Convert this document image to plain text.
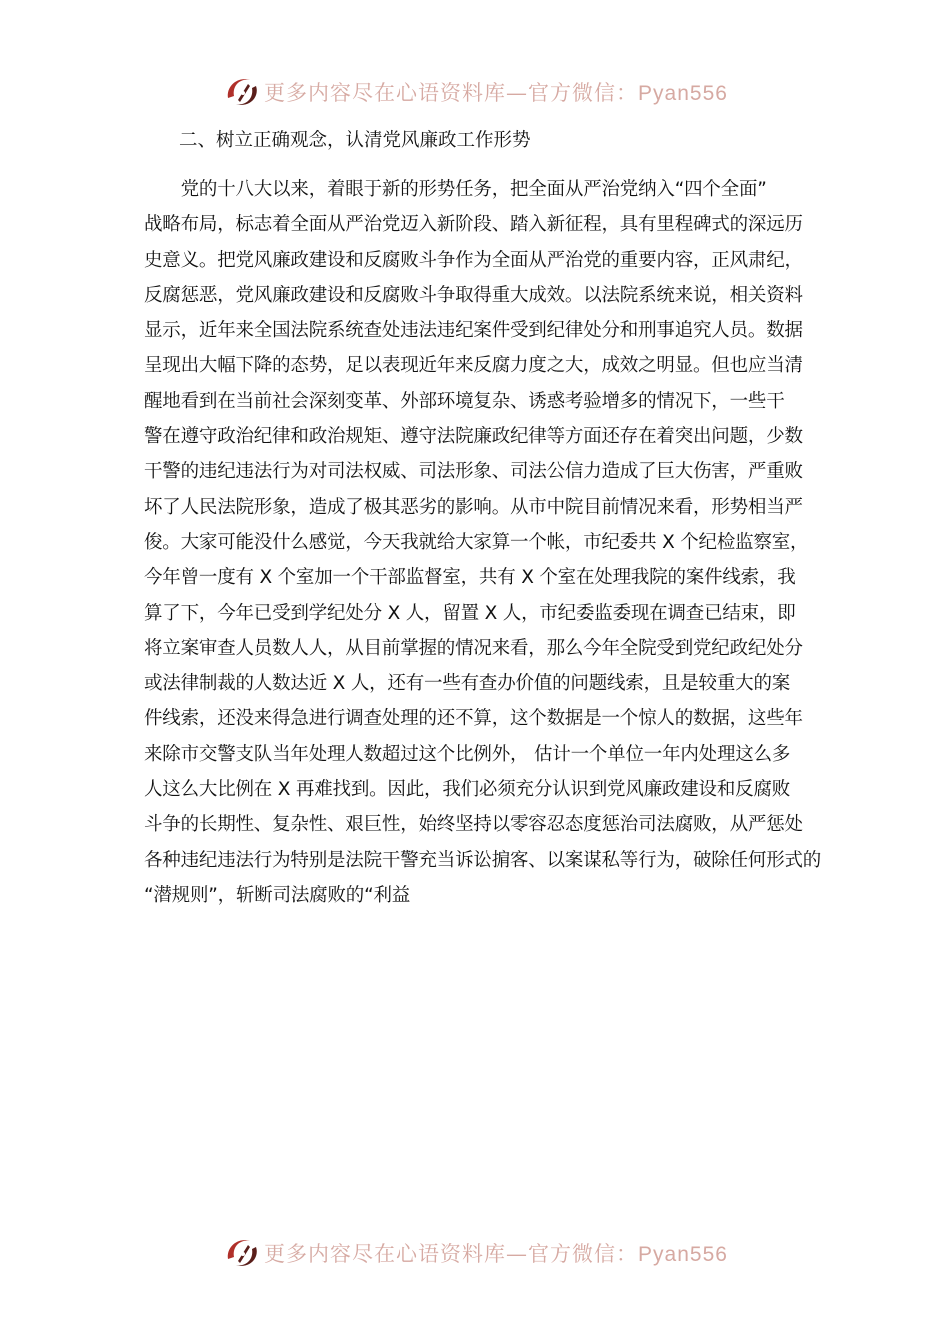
更多内容尽在心语资料库—官方微信：Pyan556
二、树立正确观念，认清党风廉政工作形势
　　党的十八大以来，着眼于新的形势任务，把全面从严治党纳入“四个全面”
战略布局，标志着全面从严治党迈入新阶段、踏入新征程，具有里程碑式的深远历
史意义。把党风廉政建设和反腐败斗争作为全面从严治党的重要内容，正风肃纪，
反腐惩恶，党风廉政建设和反腐败斗争取得重大成效。以法院系统来说，相关资料
显示，近年来全国法院系统查处违法违纪案件受到纪律处分和刑事追究人员。数据
呈现出大幅下降的态势，足以表现近年来反腐力度之大，成效之明显。但也应当清
醒地看到在当前社会深刻变革、外部环境复杂、诱惑考验增多的情况下，一些干
警在遵守政治纪律和政治规矩、遵守法院廉政纪律等方面还存在着突出问题，少数
干警的违纪违法行为对司法权威、司法形象、司法公信力造成了巨大伤害，严重败
坏了人民法院形象，造成了极其恶劣的影响。从市中院目前情况来看，形势相当严
俊。大家可能没什么感觉，今天我就给大家算一个帐，市纪委共 X 个纪检监察室，
今年曾一度有 X 个室加一个干部监督室，共有 X 个室在处理我院的案件线索，我
算了下，今年已受到学纪处分 X 人，留置 X 人，市纪委监委现在调查已结束，即
将立案审查人员数人人，从目前掌握的情况来看，那么今年全院受到党纪政纪处分
或法律制裁的人数达近 X 人，还有一些有查办价值的问题线索，且是较重大的案
件线索，还没来得急进行调查处理的还不算，这个数据是一个惊人的数据，这些年
来除市交警支队当年处理人数超过这个比例外， 估计一个单位一年内处理这么多
人这么大比例在 X 再难找到。因此，我们必须充分认识到党风廉政建设和反腐败
斗争的长期性、复杂性、艰巨性，始终坚持以零容忍态度惩治司法腐败，从严惩处
各种违纪违法行为特别是法院干警充当诉讼掮客、以案谋私等行为，破除任何形式的
“潜规则”，斩断司法腐败的“利益
更多内容尽在心语资料库—官方微信：Pyan556
